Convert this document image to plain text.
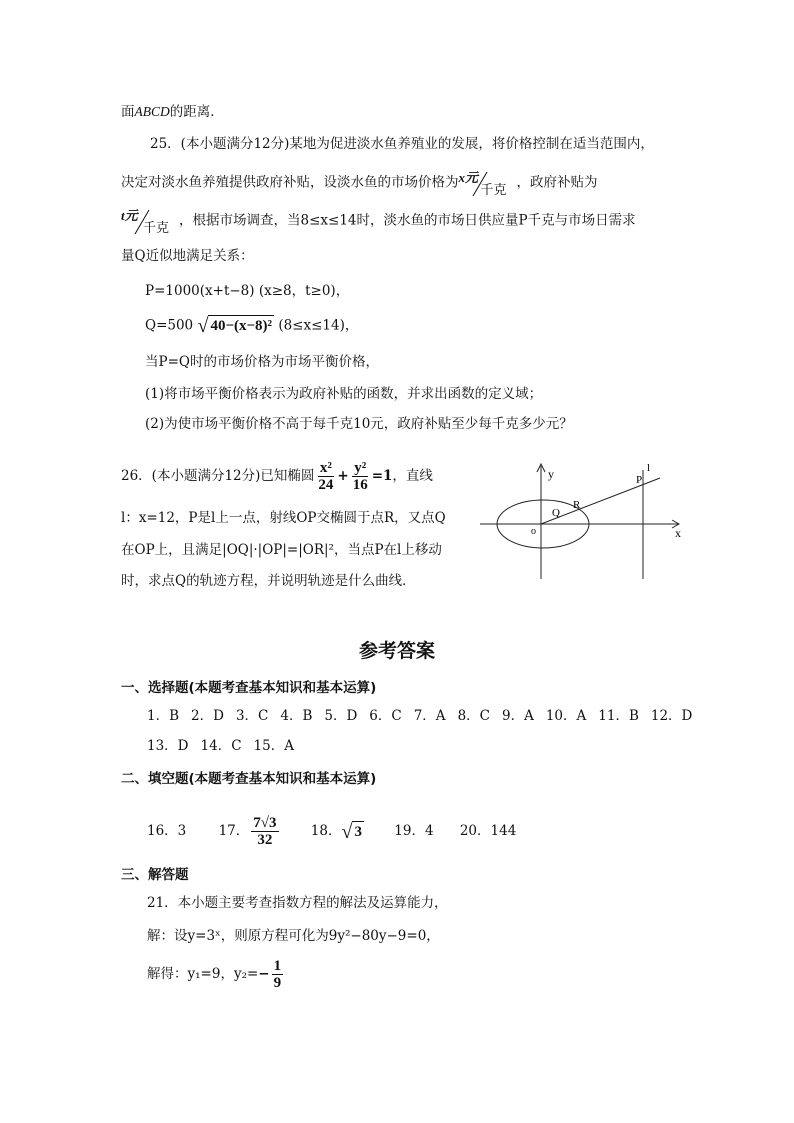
面ABCD的距离．
25．(本小题满分12分)某地为促进淡水鱼养殖业的发展，将价格控制在适当范围内，
决定对淡水鱼养殖提供政府补贴，设淡水鱼的市场价格为 x元
千克 ，政府补贴为
t元
千克 ，根据市场调查，当8≤x≤14时，淡水鱼的市场日供应量P千克与市场日需求
量Q近似地满足关系：
P=1000(x+t−8) (x≥8，t≥0)，
Q=500 √ 40−(x−8)² (8≤x≤14)，
当P=Q时的市场价格为市场平衡价格，
(1)将市场平衡价格表示为政府补贴的函数，并求出函数的定义域；
(2)为使市场平衡价格不高于每千克10元，政府补贴至少每千克多少元？
26．(本小题满分12分)已知椭圆 $\frac{\text{x²}}{24} + \frac{\text{y²}}{16} =1$，直线
l：x=12，P是l上一点，射线OP交椭圆于点R，又点Q
在OP上，且满足|OQ|·|OP|=|OR|²，当点P在l上移动
时，求点Q的轨迹方程，并说明轨迹是什么曲线．
y
x
o
Q
R
P
l
参考答案
一、选择题(本题考查基本知识和基本运算)
1．B 2．D 3．C 4．B 5．D 6．C 7．A 8．C 9．A 10．A 11．B 12．D
13．D 14．C 15．A
二、填空题(本题考查基本知识和基本运算)
16．3 17． $\frac{7√3}{32} 18$． √ 3 19．4 20．144
三、解答题
21．本小题主要考查指数方程的解法及运算能力，
解：设y=3ˣ，则原方程可化为9y²−80y−9=0，
解得：y₁=9，$y_2=- \frac{1}{9}$
